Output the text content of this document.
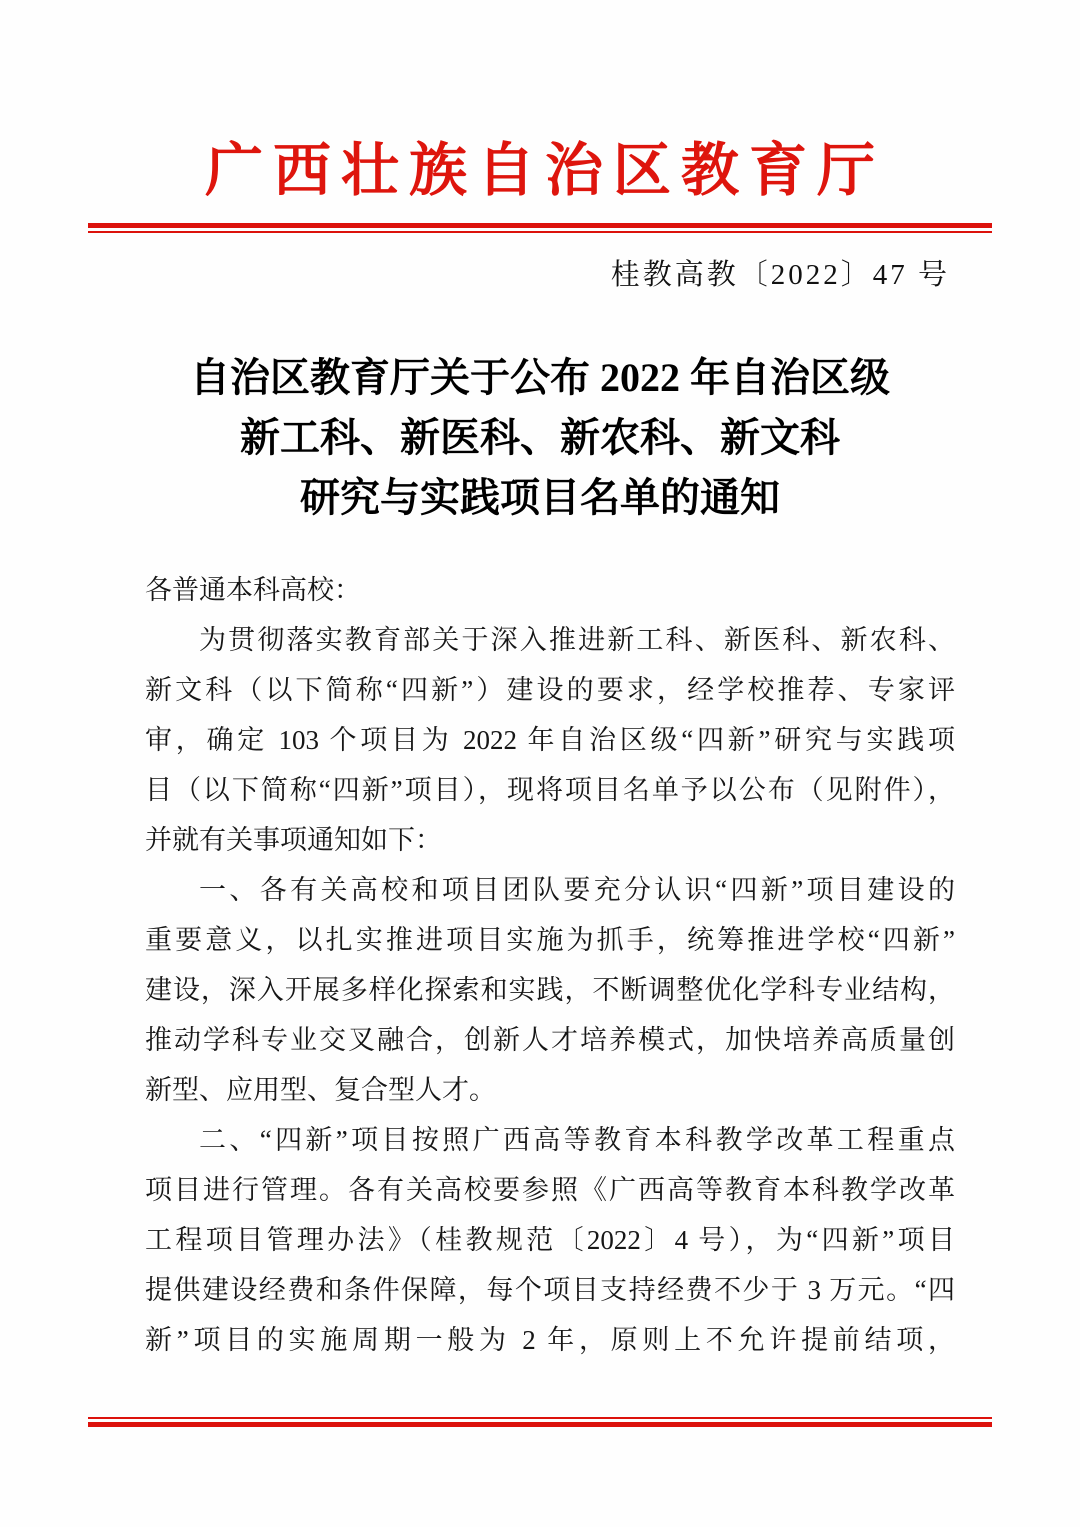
广西壮族自治区教育厅
桂教高教〔2022〕47 号
自治区教育厅关于公布 2022 年自治区级
新工科、新医科、新农科、新文科
研究与实践项目名单的通知
各普通本科高校：
为贯彻落实教育部关于深入推进新工科、新医科、新农科、
新文科（以下简称“四新”）建设的要求，经学校推荐、专家评
审，确定 103 个项目为 2022 年自治区级“四新”研究与实践项
目（以下简称“四新”项目），现将项目名单予以公布（见附件），
并就有关事项通知如下：
一、各有关高校和项目团队要充分认识“四新”项目建设的
重要意义，以扎实推进项目实施为抓手，统筹推进学校“四新”
建设，深入开展多样化探索和实践，不断调整优化学科专业结构，
推动学科专业交叉融合，创新人才培养模式，加快培养高质量创
新型、应用型、复合型人才。
二、“四新”项目按照广西高等教育本科教学改革工程重点
项目进行管理。各有关高校要参照《广西高等教育本科教学改革
工程项目管理办法》（桂教规范〔2022〕4 号），为“四新”项目
提供建设经费和条件保障，每个项目支持经费不少于 3 万元。“四
新”项目的实施周期一般为 2 年，原则上不允许提前结项，
